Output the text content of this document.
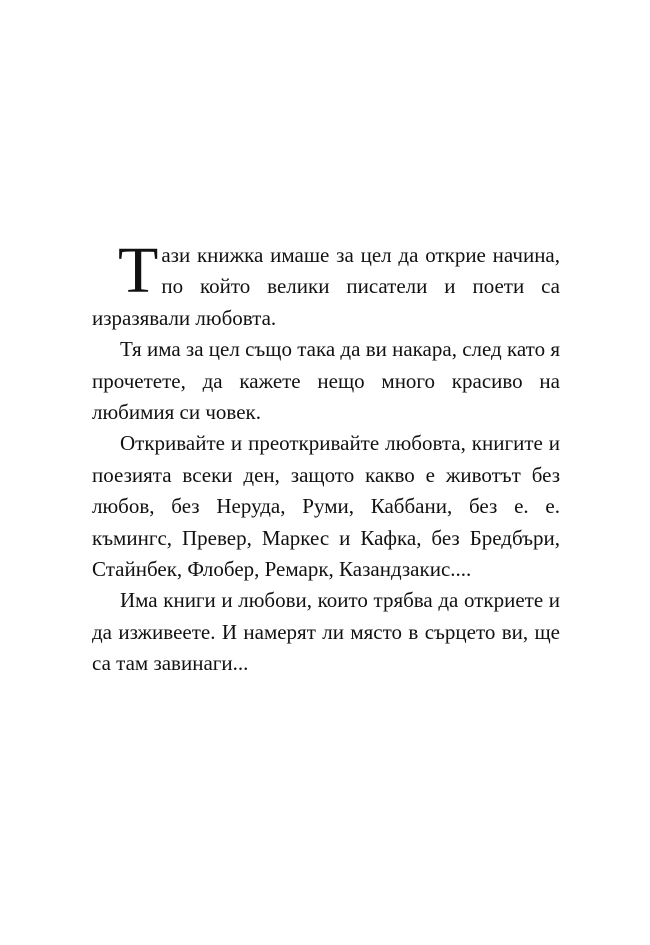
Тази книжка имаше за цел да открие начина, по който велики писатели и поети са изразявали любовта.

Тя има за цел също така да ви накара, след като я прочетете, да кажете нещо много красиво на любимия си човек.

Откривайте и преоткривайте любовта, книгите и поезията всеки ден, защото какво е животът без любов, без Неруда, Руми, Каббани, без е. е. къмингс, Превер, Маркес и Кафка, без Бредбъри, Стайнбек, Флобер, Ремарк, Казандзакис....

Има книги и любови, които трябва да откриете и да изживеете. И намерят ли място в сърцето ви, ще са там завинаги...
